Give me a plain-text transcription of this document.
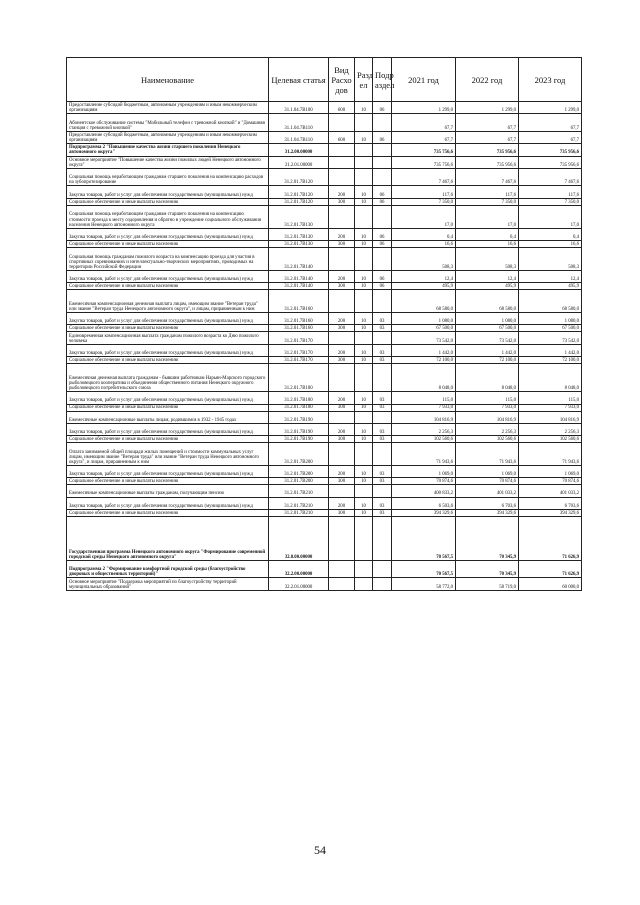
Наименование	Целевая статья	Вид Расхо дов	Разд ел	Подр аздел	2021 год	2022 год	2023 год
Предоставление субсидий бюджетным, автономным учреждениям и иным некоммерческим организациям	31.1.04.7В100	600	10	06	1 299,0	1 299,0	1 299,0
Абонентское обслуживание системы "Мобильный телефон с тревожной кнопкой" и "Домашняя станция с тревожной кнопкой"	31.1.04.7В110				67,7	67,7	67,7
Предоставление субсидий бюджетным, автономным учреждениям и иным некоммерческим организациям	31.1.04.7В110	600	10	06	67,7	67,7	67,7
Подпрограмма 2 "Повышение качества жизни старшего поколения Ненецкого автономного округа"	31.2.00.00000				735 756,6	735 956,6	735 956,6
Основное мероприятие "Повышение качества жизни пожилых людей Ненецкого автономного округа"	31.2.01.00000				735 756,6	735 956,6	735 956,6
Социальная помощь неработающим гражданам старшего поколения на компенсацию расходов на зубопротезирование	31.2.01.7В120				7 467,6	7 467,6	7 467,6
Закупка товаров, работ и услуг для обеспечения государственных (муниципальных) нужд	31.2.01.7В120	200	10	06	117,6	117,6	117,6
Социальное обеспечение и иные выплаты населению	31.2.01.7В120	300	10	06	7 350,0	7 350,0	7 350,0
Социальная помощь неработающим гражданам старшего поколения на компенсацию стоимости проезда к месту оздоровления и обратно в учреждение социального обслуживания населения Ненецкого автономного округа	31.2.01.7В130				17,0	17,0	17,0
Закупка товаров, работ и услуг для обеспечения государственных (муниципальных) нужд	31.2.01.7В130	200	10	06	0,4	0,4	0,4
Социальное обеспечение и иные выплаты населению	31.2.01.7В130	300	10	06	16,6	16,6	16,6
Социальная помощь гражданам пожилого возраста на компенсацию проезда для участия в спортивных соревнованиях и интеллектуально-творческих мероприятиях, проводимых на территории Российской Федерации	31.2.01.7В140				508,3	508,3	508,3
Закупка товаров, работ и услуг для обеспечения государственных (муниципальных) нужд	31.2.01.7В140	200	10	06	12,4	12,4	12,4
Социальное обеспечение и иные выплаты населению	31.2.01.7В140	300	10	06	495,9	495,9	495,9
Ежемесячная компенсационная денежная выплата лицам, имеющим звание "Ветеран труда" или звание "Ветеран труда Ненецкого автономного округа", и лицам, приравненным к ним	31.2.01.7В160				68 580,0	68 580,0	68 580,0
Закупка товаров, работ и услуг для обеспечения государственных (муниципальных) нужд	31.2.01.7В160	200	10	03	1 080,0	1 080,0	1 080,0
Социальное обеспечение и иные выплаты населению	31.2.01.7В160	300	10	03	67 500,0	67 500,0	67 500,0
Единовременная компенсационная выплата гражданам пожилого возраста ко Дню пожилого человека	31.2.01.7В170				73 542,0	73 542,0	73 542,0
Закупка товаров, работ и услуг для обеспечения государственных (муниципальных) нужд	31.2.01.7В170	200	10	03	1 442,0	1 442,0	1 442,0
Социальное обеспечение и иные выплаты населению	31.2.01.7В170	300	10	03	72 100,0	72 100,0	72 100,0
Ежемесячная денежная выплата гражданам - бывшим работникам Нарьян-Марского городского рыболовецкого кооператива и объединения общественного питания Ненецкого окружного рыболовецкого потребительского союза	31.2.01.7В180				8 048,0	8 048,0	8 048,0
Закупка товаров, работ и услуг для обеспечения государственных (муниципальных) нужд	31.2.01.7В180	200	10	03	115,0	115,0	115,0
Социальное обеспечение и иные выплаты населению	31.2.01.7В180	300	10	03	7 933,0	7 933,0	7 933,0
Ежемесячные компенсационные выплаты лицам, родившимся в 1932 - 1945 годах	31.2.01.7В190				104 816,9	104 816,9	104 816,9
Закупка товаров, работ и услуг для обеспечения государственных (муниципальных) нужд	31.2.01.7В190	200	10	03	2 256,3	2 256,3	2 256,3
Социальное обеспечение и иные выплаты населению	31.2.01.7В190	300	10	03	102 560,6	102 560,6	102 560,6
Оплата занимаемой общей площади жилых помещений и стоимости коммунальных услуг лицам, имеющим звание "Ветеран труда" или звание "Ветеран труда Ненецкого автономного округа", и лицам, приравненным к ним	31.2.01.7В200				71 943,6	71 943,6	71 943,6
Закупка товаров, работ и услуг для обеспечения государственных (муниципальных) нужд	31.2.01.7В200	200	10	03	1 069,0	1 069,0	1 069,0
Социальное обеспечение и иные выплаты населению	31.2.01.7В200	300	10	03	70 874,6	70 874,6	70 874,6
Ежемесячные компенсационные выплаты гражданам, получающим пенсию	31.2.01.7В210				400 833,2	401 033,2	401 033,2
Закупка товаров, работ и услуг для обеспечения государственных (муниципальных) нужд	31.2.01.7В210	200	10	03	6 503,6	6 703,6	6 703,6
Социальное обеспечение и иные выплаты населению	31.2.01.7В210	300	10	03	394 329,6	394 329,6	394 329,6
Государственная программа Ненецкого автономного округа "Формирование современной городской среды Ненецкого автономного округа"	32.0.00.00000				70 567,5	70 345,9	71 626,9
Подпрограмма 2 "Формирование комфортной городской среды (благоустройство дворовых и общественных территорий)"	32.2.00.00000				70 567,5	70 345,9	71 626,9
Основное мероприятие "Поддержка мероприятий по благоустройству территорий муниципальных образований"	32.2.01.00000				58 772,0	58 719,0	60 000,0
54
